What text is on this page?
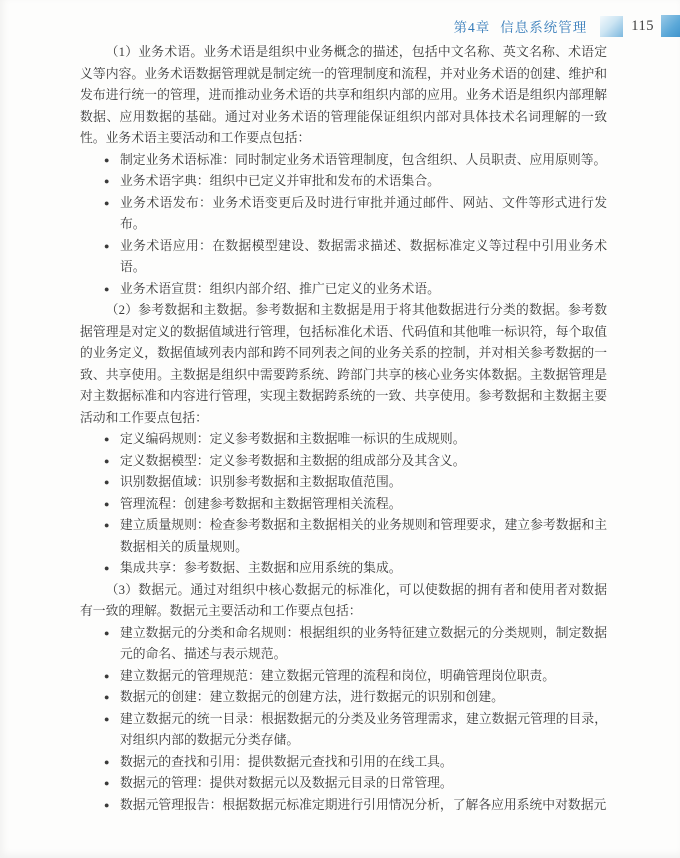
第4章 信息系统管理	115

（1）业务术语。业务术语是组织中业务概念的描述，包括中文名称、英文名称、术语定义等内容。业务术语数据管理就是制定统一的管理制度和流程，并对业务术语的创建、维护和发布进行统一的管理，进而推动业务术语的共享和组织内部的应用。业务术语是组织内部理解数据、应用数据的基础。通过对业务术语的管理能保证组织内部对具体技术名词理解的一致性。业务术语主要活动和工作要点包括：

● 制定业务术语标准：同时制定业务术语管理制度，包含组织、人员职责、应用原则等。
● 业务术语字典：组织中已定义并审批和发布的术语集合。
● 业务术语发布：业务术语变更后及时进行审批并通过邮件、网站、文件等形式进行发布。
● 业务术语应用：在数据模型建设、数据需求描述、数据标准定义等过程中引用业务术语。
● 业务术语宣贯：组织内部介绍、推广已定义的业务术语。

（2）参考数据和主数据。参考数据和主数据是用于将其他数据进行分类的数据。参考数据管理是对定义的数据值域进行管理，包括标准化术语、代码值和其他唯一标识符，每个取值的业务定义，数据值域列表内部和跨不同列表之间的业务关系的控制，并对相关参考数据的一致、共享使用。主数据是组织中需要跨系统、跨部门共享的核心业务实体数据。主数据管理是对主数据标准和内容进行管理，实现主数据跨系统的一致、共享使用。参考数据和主数据主要活动和工作要点包括：

● 定义编码规则：定义参考数据和主数据唯一标识的生成规则。
● 定义数据模型：定义参考数据和主数据的组成部分及其含义。
● 识别数据值域：识别参考数据和主数据取值范围。
● 管理流程：创建参考数据和主数据管理相关流程。
● 建立质量规则：检查参考数据和主数据相关的业务规则和管理要求，建立参考数据和主数据相关的质量规则。
● 集成共享：参考数据、主数据和应用系统的集成。

（3）数据元。通过对组织中核心数据元的标准化，可以使数据的拥有者和使用者对数据有一致的理解。数据元主要活动和工作要点包括：

● 建立数据元的分类和命名规则：根据组织的业务特征建立数据元的分类规则，制定数据元的命名、描述与表示规范。
● 建立数据元的管理规范：建立数据元管理的流程和岗位，明确管理岗位职责。
● 数据元的创建：建立数据元的创建方法，进行数据元的识别和创建。
● 建立数据元的统一目录：根据数据元的分类及业务管理需求，建立数据元管理的目录，对组织内部的数据元分类存储。
● 数据元的查找和引用：提供数据元查找和引用的在线工具。
● 数据元的管理：提供对数据元以及数据元目录的日常管理。
● 数据元管理报告：根据数据元标准定期进行引用情况分析，了解各应用系统中对数据元
